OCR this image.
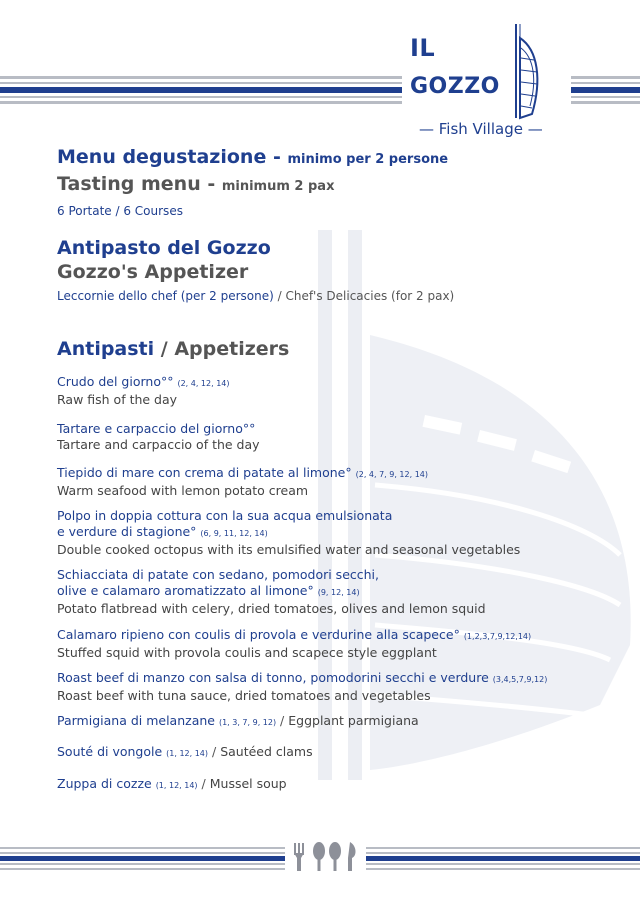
IL
GOZZO
— Fish Village —
Menu degustazione - minimo per 2 persone
Tasting menu - minimum 2 pax
6 Portate / 6 Courses
Antipasto del Gozzo
Gozzo's Appetizer
Leccornie dello chef (per 2 persone) / Chef's Delicacies (for 2 pax)
Antipasti / Appetizers
Crudo del giorno°° (2, 4, 12, 14)
Raw fish of the day
Tartare e carpaccio del giorno°°
Tartare and carpaccio of the day
Tiepido di mare con crema di patate al limone° (2, 4, 7, 9, 12, 14)
Warm seafood with lemon potato cream
Polpo in doppia cottura con la sua acqua emulsionata
e verdure di stagione° (6, 9, 11, 12, 14)
Double cooked octopus with its emulsified water and seasonal vegetables
Schiacciata di patate con sedano, pomodori secchi,
olive e calamaro aromatizzato al limone° (9, 12, 14)
Potato flatbread with celery, dried tomatoes, olives and lemon squid
Calamaro ripieno con coulis di provola e verdurine alla scapece° (1,2,3,7,9,12,14)
Stuffed squid with provola coulis and scapece style eggplant
Roast beef di manzo con salsa di tonno, pomodorini secchi e verdure (3,4,5,7,9,12)
Roast beef with tuna sauce, dried tomatoes and vegetables
Parmigiana di melanzane (1, 3, 7, 9, 12) / Eggplant parmigiana
Souté di vongole (1, 12, 14) / Sautéed clams
Zuppa di cozze (1, 12, 14) / Mussel soup
